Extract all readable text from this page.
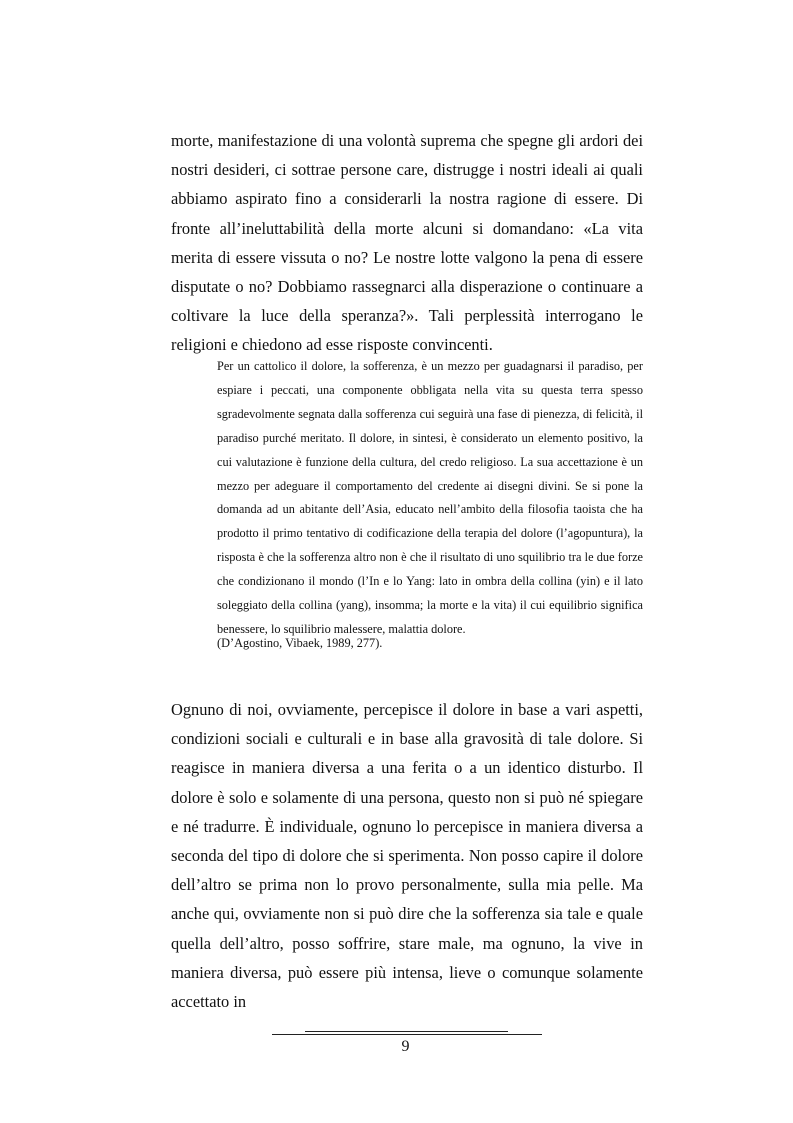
morte, manifestazione di una volontà suprema che spegne gli ardori dei nostri desideri, ci sottrae persone care, distrugge i nostri ideali ai quali abbiamo aspirato fino a considerarli la nostra ragione di essere. Di fronte all’ineluttabilità della morte alcuni si domandano: «La vita merita di essere vissuta o no? Le nostre lotte valgono la pena di essere disputate o no? Dobbiamo rassegnarci alla disperazione o continuare a coltivare la luce della speranza?». Tali perplessità interrogano le religioni e chiedono ad esse risposte convincenti.

Per un cattolico il dolore, la sofferenza, è un mezzo per guadagnarsi il paradiso, per espiare i peccati, una componente obbligata nella vita su questa terra spesso sgradevolmente segnata dalla sofferenza cui seguirà una fase di pienezza, di felicità, il paradiso purché meritato. Il dolore, in sintesi, è considerato un elemento positivo, la cui valutazione è funzione della cultura, del credo religioso. La sua accettazione è un mezzo per adeguare il comportamento del credente ai disegni divini. Se si pone la domanda ad un abitante dell’Asia, educato nell’ambito della filosofia taoista che ha prodotto il primo tentativo di codificazione della terapia del dolore (l’agopuntura), la risposta è che la sofferenza altro non è che il risultato di uno squilibrio tra le due forze che condizionano il mondo (l’In e lo Yang: lato in ombra della collina (yin) e il lato soleggiato della collina (yang), insomma; la morte e la vita) il cui equilibrio significa benessere, lo squilibrio malessere, malattia dolore.

(D’Agostino, Vibaek, 1989, 277).

Ognuno di noi, ovviamente, percepisce il dolore in base a vari aspetti, condizioni sociali e culturali e in base alla gravosità di tale dolore. Si reagisce in maniera diversa a una ferita o a un identico disturbo. Il dolore è solo e solamente di una persona, questo non si può né spiegare e né tradurre. È individuale, ognuno lo percepisce in maniera diversa a seconda del tipo di dolore che si sperimenta. Non posso capire il dolore dell’altro se prima non lo provo personalmente, sulla mia pelle. Ma anche qui, ovviamente non si può dire che la sofferenza sia tale e quale quella dell’altro, posso soffrire, stare male, ma ognuno, la vive in maniera diversa, può essere più intensa, lieve o comunque solamente accettato in

9
